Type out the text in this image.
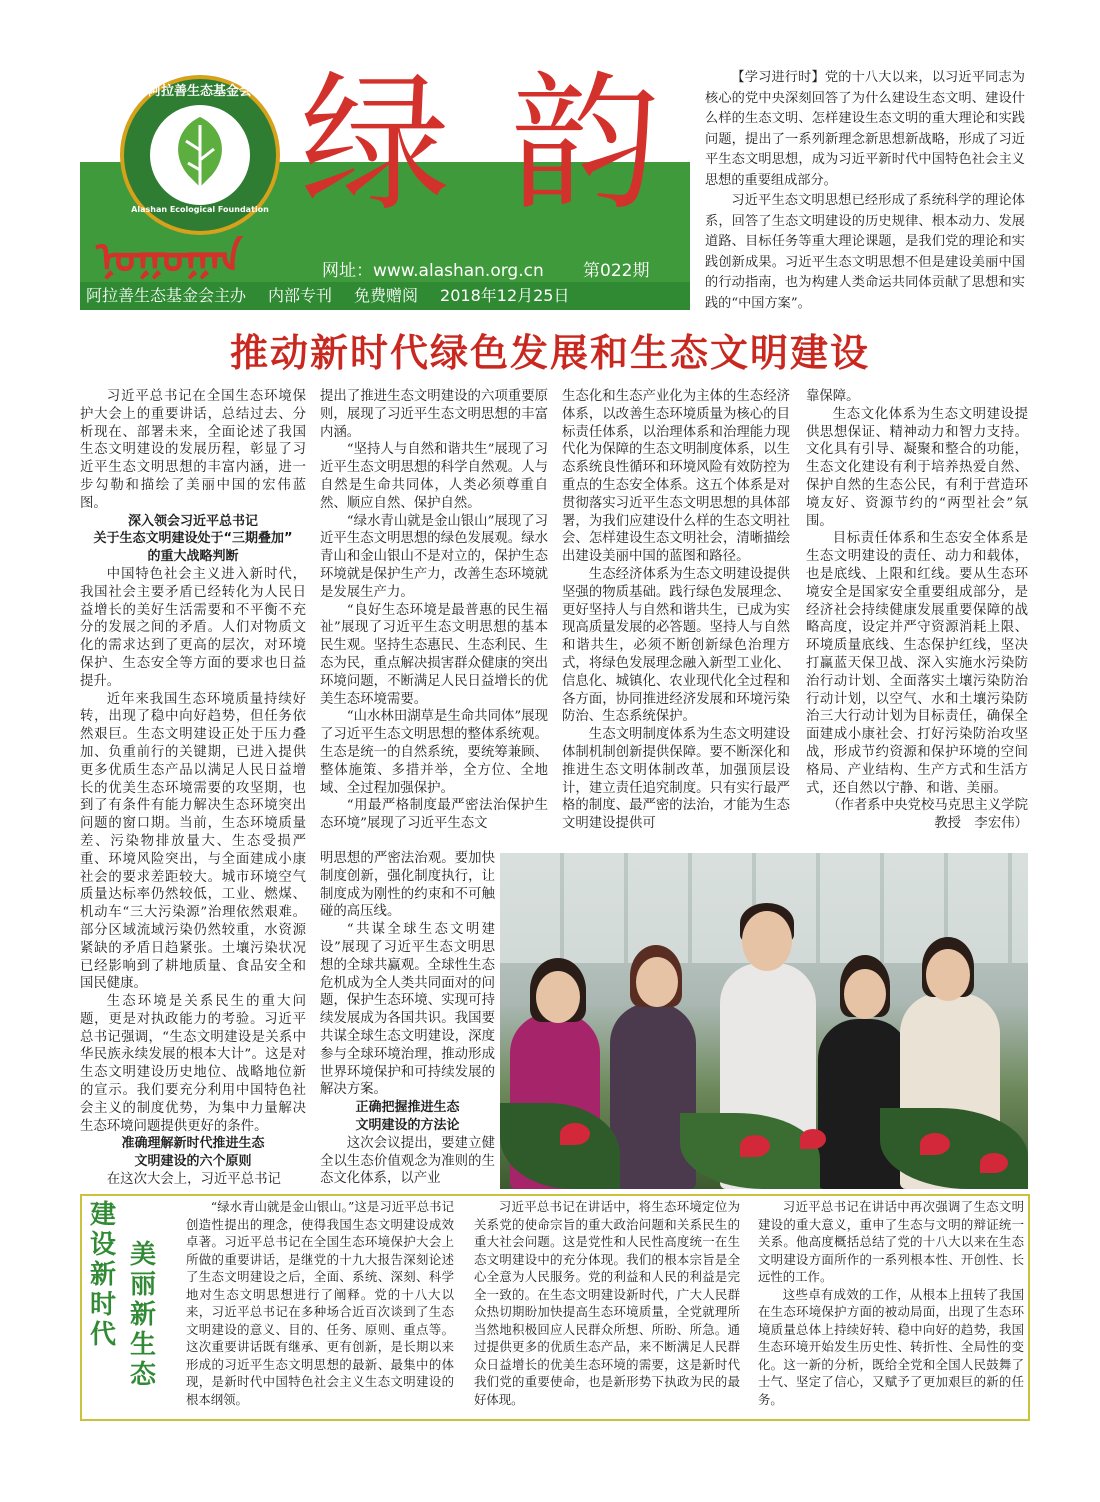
阿拉善生态基金会
Alashan Ecological Foundation 绿韵
ᠨᠣᠭᠣᠭᠠᠨ	网址：www.alashan.org.cn 第022期
阿拉善生态基金会主办 内部专刊 免费赠阅 2018年12月25日

【学习进行时】党的十八大以来，以习近平同志为核心的党中央深刻回答了为什么建设生态文明、建设什么样的生态文明、怎样建设生态文明的重大理论和实践问题，提出了一系列新理念新思想新战略，形成了习近平生态文明思想，成为习近平新时代中国特色社会主义思想的重要组成部分。

习近平生态文明思想已经形成了系统科学的理论体系，回答了生态文明建设的历史规律、根本动力、发展道路、目标任务等重大理论课题，是我们党的理论和实践创新成果。习近平生态文明思想不但是建设美丽中国的行动指南，也为构建人类命运共同体贡献了思想和实践的“中国方案”。

推动新时代绿色发展和生态文明建设

习近平总书记在全国生态环境保护大会上的重要讲话，总结过去、分析现在、部署未来，全面论述了我国生态文明建设的发展历程，彰显了习近平生态文明思想的丰富内涵，进一步勾勒和描绘了美丽中国的宏伟蓝图。

深入领会习近平总书记

关于生态文明建设处于“三期叠加”

的重大战略判断

中国特色社会主义进入新时代，我国社会主要矛盾已经转化为人民日益增长的美好生活需要和不平衡不充分的发展之间的矛盾。人们对物质文化的需求达到了更高的层次，对环境保护、生态安全等方面的要求也日益提升。

近年来我国生态环境质量持续好转，出现了稳中向好趋势，但任务依然艰巨。生态文明建设正处于压力叠加、负重前行的关键期，已进入提供更多优质生态产品以满足人民日益增长的优美生态环境需要的攻坚期，也到了有条件有能力解决生态环境突出问题的窗口期。当前，生态环境质量差、污染物排放量大、生态受损严重、环境风险突出，与全面建成小康社会的要求差距较大。城市环境空气质量达标率仍然较低，工业、燃煤、机动车“三大污染源”治理依然艰难。部分区域流域污染仍然较重，水资源紧缺的矛盾日趋紧张。土壤污染状况已经影响到了耕地质量、食品安全和国民健康。

生态环境是关系民生的重大问题，更是对执政能力的考验。习近平总书记强调，“生态文明建设是关系中华民族永续发展的根本大计”。这是对生态文明建设历史地位、战略地位新的宣示。我们要充分利用中国特色社会主义的制度优势，为集中力量解决生态环境问题提供更好的条件。

准确理解新时代推进生态

文明建设的六个原则

在这次大会上，习近平总书记

提出了推进生态文明建设的六项重要原则，展现了习近平生态文明思想的丰富内涵。

“坚持人与自然和谐共生”展现了习近平生态文明思想的科学自然观。人与自然是生命共同体，人类必须尊重自然、顺应自然、保护自然。

“绿水青山就是金山银山”展现了习近平生态文明思想的绿色发展观。绿水青山和金山银山不是对立的，保护生态环境就是保护生产力，改善生态环境就是发展生产力。

“良好生态环境是最普惠的民生福祉”展现了习近平生态文明思想的基本民生观。坚持生态惠民、生态利民、生态为民，重点解决损害群众健康的突出环境问题，不断满足人民日益增长的优美生态环境需要。

“山水林田湖草是生命共同体”展现了习近平生态文明思想的整体系统观。生态是统一的自然系统，要统筹兼顾、整体施策、多措并举，全方位、全地域、全过程加强保护。

“用最严格制度最严密法治保护生态环境”展现了习近平生态文

明思想的严密法治观。要加快制度创新，强化制度执行，让制度成为刚性的约束和不可触碰的高压线。

“共谋全球生态文明建设”展现了习近平生态文明思想的全球共赢观。全球性生态危机成为全人类共同面对的问题，保护生态环境、实现可持续发展成为各国共识。我国要共谋全球生态文明建设，深度参与全球环境治理，推动形成世界环境保护和可持续发展的解决方案。

正确把握推进生态

文明建设的方法论

这次会议提出，要建立健全以生态价值观念为准则的生态文化体系，以产业

生态化和生态产业化为主体的生态经济体系，以改善生态环境质量为核心的目标责任体系，以治理体系和治理能力现代化为保障的生态文明制度体系，以生态系统良性循环和环境风险有效防控为重点的生态安全体系。这五个体系是对贯彻落实习近平生态文明思想的具体部署，为我们应建设什么样的生态文明社会、怎样建设生态文明社会，清晰描绘出建设美丽中国的蓝图和路径。

生态经济体系为生态文明建设提供坚强的物质基础。践行绿色发展理念、更好坚持人与自然和谐共生，已成为实现高质量发展的必答题。坚持人与自然和谐共生，必须不断创新绿色治理方式，将绿色发展理念融入新型工业化、信息化、城镇化、农业现代化全过程和各方面，协同推进经济发展和环境污染防治、生态系统保护。

生态文明制度体系为生态文明建设体制机制创新提供保障。要不断深化和推进生态文明体制改革，加强顶层设计，建立责任追究制度。只有实行最严格的制度、最严密的法治，才能为生态文明建设提供可

靠保障。

生态文化体系为生态文明建设提供思想保证、精神动力和智力支持。文化具有引导、凝聚和整合的功能，生态文化建设有利于培养热爱自然、保护自然的生态公民，有利于营造环境友好、资源节约的“两型社会”氛围。

目标责任体系和生态安全体系是生态文明建设的责任、动力和载体，也是底线、上限和红线。要从生态环境安全是国家安全重要组成部分，是经济社会持续健康发展重要保障的战略高度，设定并严守资源消耗上限、环境质量底线、生态保护红线，坚决打赢蓝天保卫战、深入实施水污染防治行动计划、全面落实土壤污染防治行动计划，以空气、水和土壤污染防治三大行动计划为目标责任，确保全面建成小康社会、打好污染防治攻坚战，形成节约资源和保护环境的空间格局、产业结构、生产方式和生活方式，还自然以宁静、和谐、美丽。

（作者系中央党校马克思主义学院

教授　李宏伟）

建设新时代
美丽新生态

“绿水青山就是金山银山。”这是习近平总书记创造性提出的理念，使得我国生态文明建设成效卓著。习近平总书记在全国生态环境保护大会上所做的重要讲话，是继党的十九大报告深刻论述了生态文明建设之后，全面、系统、深刻、科学地对生态文明思想进行了阐释。党的十八大以来，习近平总书记在多种场合近百次谈到了生态文明建设的意义、目的、任务、原则、重点等。这次重要讲话既有继承、更有创新，是长期以来形成的习近平生态文明思想的最新、最集中的体现，是新时代中国特色社会主义生态文明建设的根本纲领。

习近平总书记在讲话中，将生态环境定位为关系党的使命宗旨的重大政治问题和关系民生的重大社会问题。这是党性和人民性高度统一在生态文明建设中的充分体现。我们的根本宗旨是全心全意为人民服务。党的利益和人民的利益是完全一致的。在生态文明建设新时代，广大人民群众热切期盼加快提高生态环境质量，全党就理所当然地积极回应人民群众所想、所盼、所急。通过提供更多的优质生态产品，来不断满足人民群众日益增长的优美生态环境的需要，这是新时代我们党的重要使命，也是新形势下执政为民的最好体现。

习近平总书记在讲话中再次强调了生态文明建设的重大意义，重申了生态与文明的辩证统一关系。他高度概括总结了党的十八大以来在生态文明建设方面所作的一系列根本性、开创性、长远性的工作。

这些卓有成效的工作，从根本上扭转了我国在生态环境保护方面的被动局面，出现了生态环境质量总体上持续好转、稳中向好的趋势，我国生态环境开始发生历史性、转折性、全局性的变化。这一新的分析，既给全党和全国人民鼓舞了士气、坚定了信心，又赋予了更加艰巨的新的任务。
